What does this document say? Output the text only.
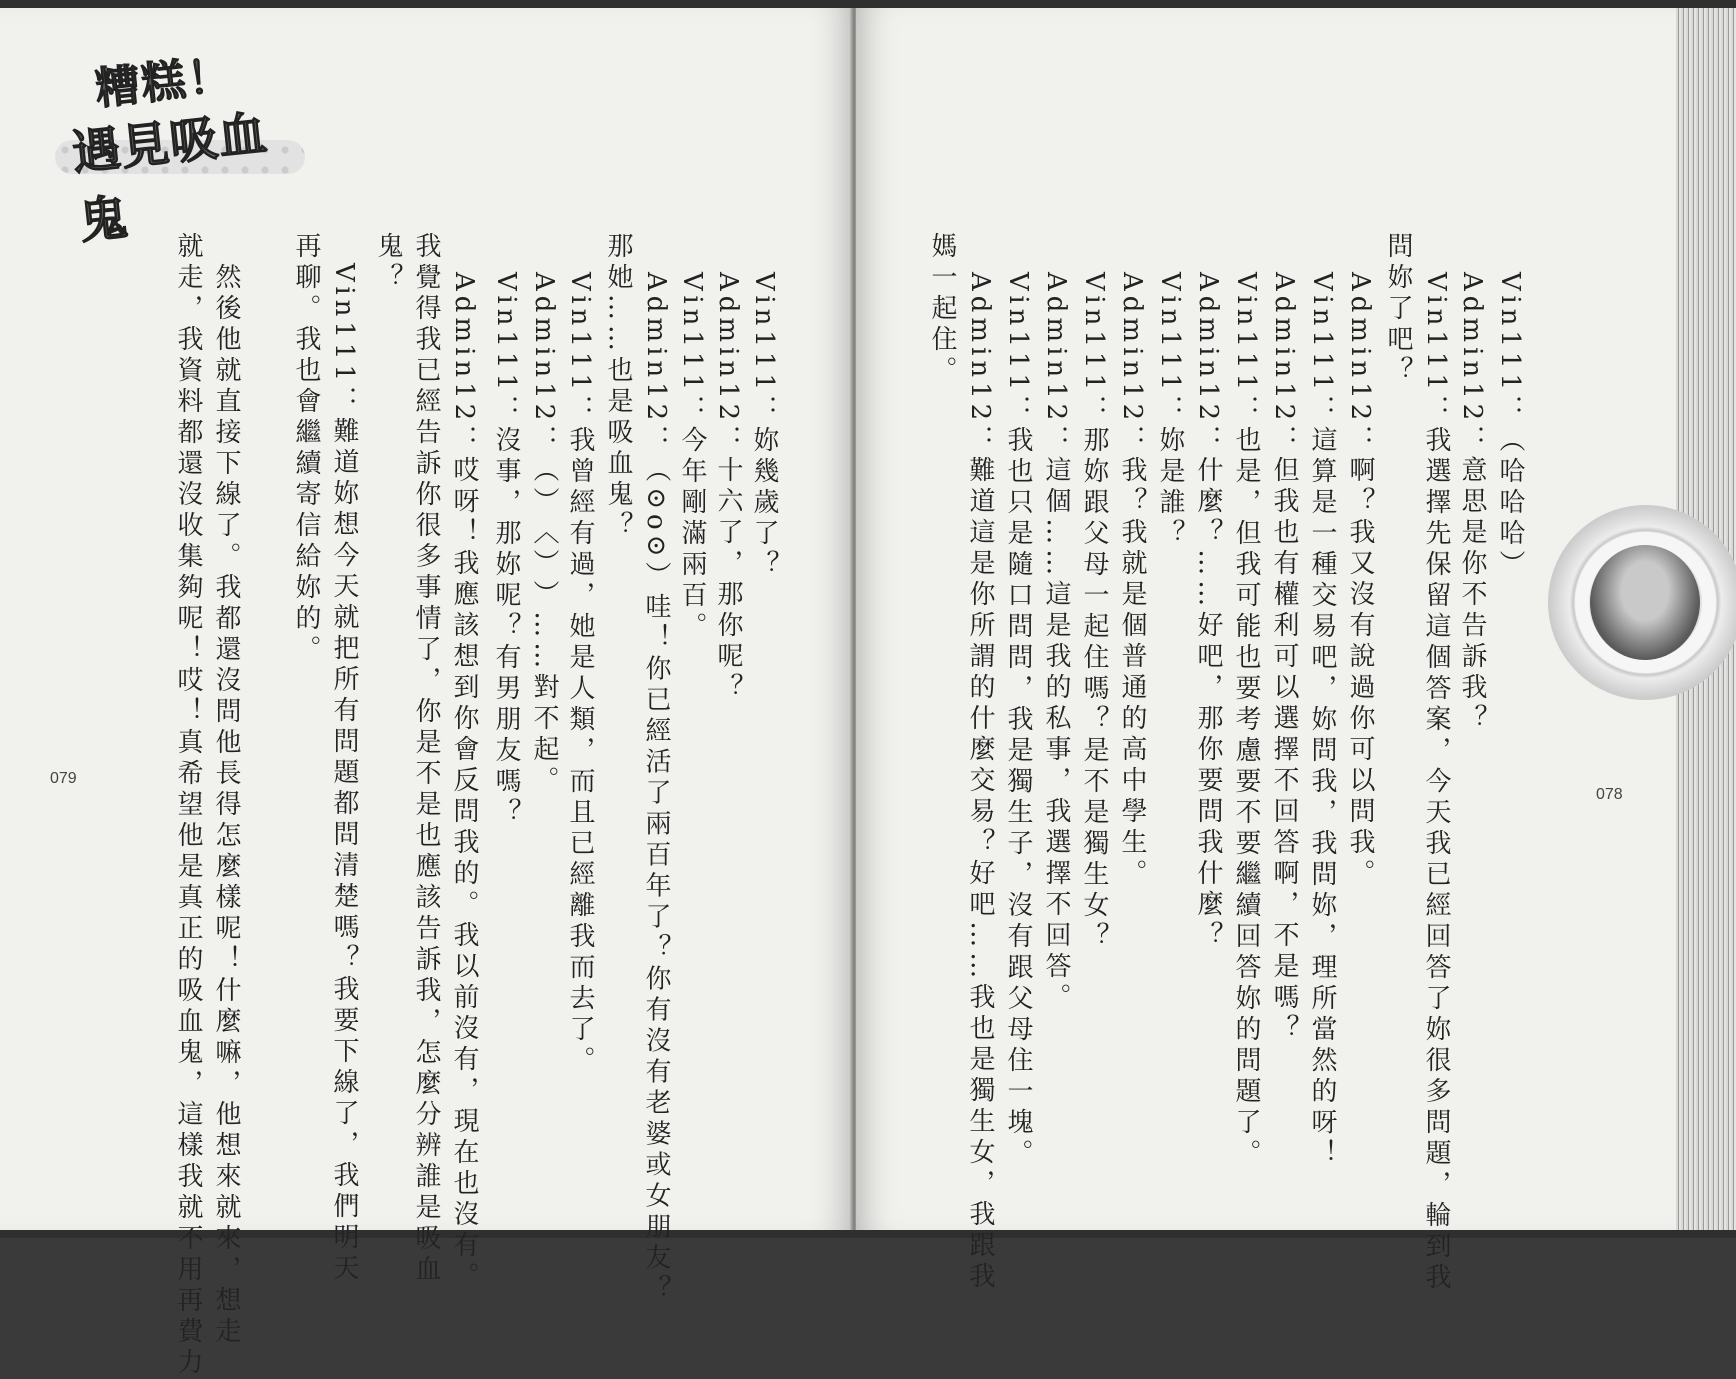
糟糕！
遇見吸血鬼
Vin111：妳幾歲了？
Admin12：十六了，那你呢？
Vin111：今年剛滿兩百。
Admin12：（⊙o⊙）哇！你已經活了兩百年了？你有沒有老婆或女朋友？
那她……也是吸血鬼？
Vin111：我曾經有過，她是人類，而且已經離我而去了。
Admin12：（︶︿︶）……對不起。
Vin111：沒事，那妳呢？有男朋友嗎？
Admin12：哎呀！我應該想到你會反問我的。我以前沒有，現在也沒有。
我覺得我已經告訴你很多事情了，你是不是也應該告訴我，怎麼分辨誰是吸血
鬼？
　Vin111：難道妳想今天就把所有問題都問清楚嗎？我要下線了，我們明天
再聊。我也會繼續寄信給妳的。
　然後他就直接下線了。我都還沒問他長得怎麼樣呢！什麼嘛，他想來就來，想走
就走，我資料都還沒收集夠呢！哎！真希望他是真正的吸血鬼，這樣我就不用再費力
079
Vin111：（哈哈哈）
Admin12：意思是你不告訴我？
Vin111：我選擇先保留這個答案，今天我已經回答了妳很多問題，輪到我
問妳了吧？
Admin12：啊？我又沒有說過你可以問我。
Vin111：這算是一種交易吧，妳問我，我問妳，理所當然的呀！
Admin12：但我也有權利可以選擇不回答啊，不是嗎？
Vin111：也是，但我可能也要考慮要不要繼續回答妳的問題了。
Admin12：什麼？……好吧，那你要問我什麼？
Vin111：妳是誰？
Admin12：我？我就是個普通的高中學生。
Vin111：那妳跟父母一起住嗎？是不是獨生女？
Admin12：這個……這是我的私事，我選擇不回答。
Vin111：我也只是隨口問問，我是獨生子，沒有跟父母住一塊。
Admin12：難道這是你所謂的什麼交易？好吧……我也是獨生女，我跟我
媽一起住。
078
